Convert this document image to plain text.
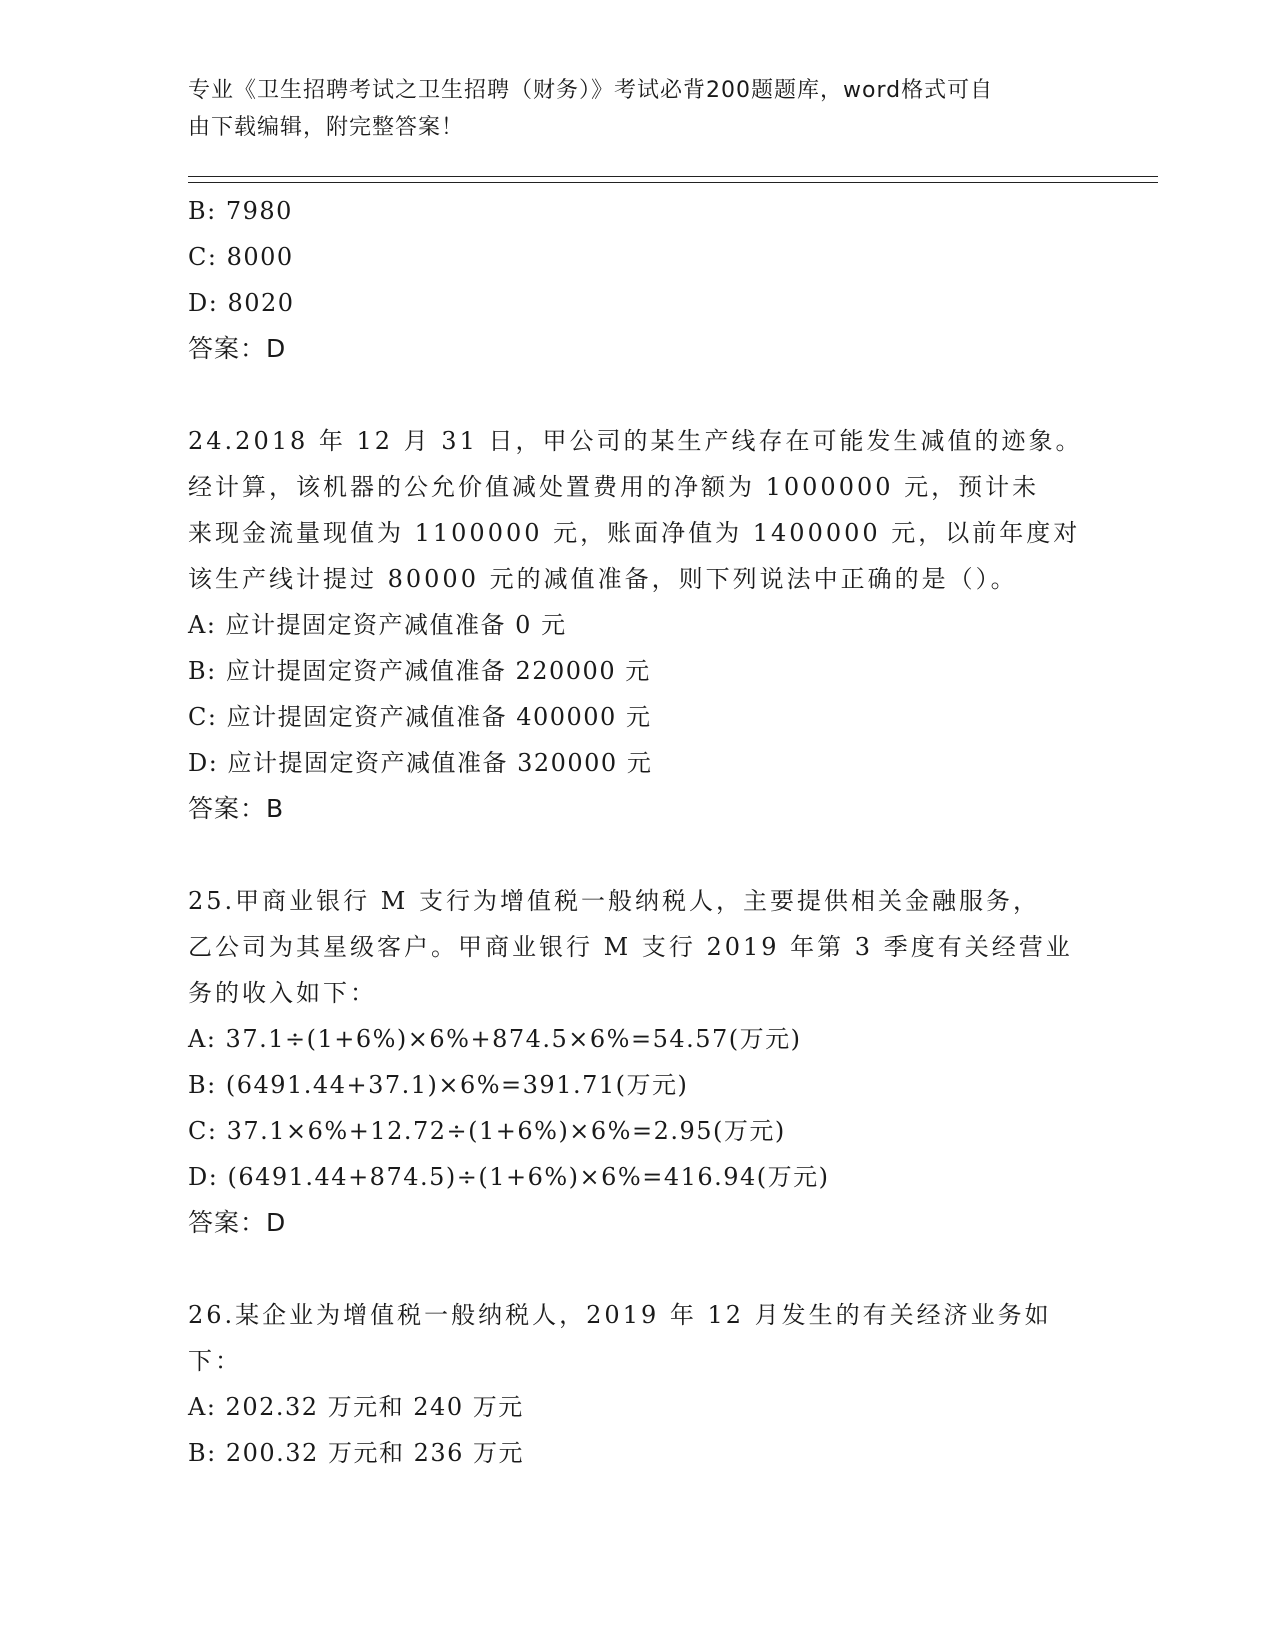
专业《卫生招聘考试之卫生招聘（财务）》考试必背200题题库，word格式可自
由下载编辑，附完整答案！
B: 7980
C: 8000
D: 8020
答案：D
24.2018 年 12 月 31 日，甲公司的某生产线存在可能发生减值的迹象。
经计算，该机器的公允价值减处置费用的净额为 1000000 元，预计未
来现金流量现值为 1100000 元，账面净值为 1400000 元，以前年度对
该生产线计提过 80000 元的减值准备，则下列说法中正确的是（）。
A: 应计提固定资产减值准备 0 元
B: 应计提固定资产减值准备 220000 元
C: 应计提固定资产减值准备 400000 元
D: 应计提固定资产减值准备 320000 元
答案：B
25.甲商业银行 M 支行为增值税一般纳税人，主要提供相关金融服务，
乙公司为其星级客户。甲商业银行 M 支行 2019 年第 3 季度有关经营业
务的收入如下：
A: 37.1÷(1+6%)×6%+874.5×6%=54.57(万元)
B: (6491.44+37.1)×6%=391.71(万元)
C: 37.1×6%+12.72÷(1+6%)×6%=2.95(万元)
D: (6491.44+874.5)÷(1+6%)×6%=416.94(万元)
答案：D
26.某企业为增值税一般纳税人，2019 年 12 月发生的有关经济业务如
下：
A: 202.32 万元和 240 万元
B: 200.32 万元和 236 万元
